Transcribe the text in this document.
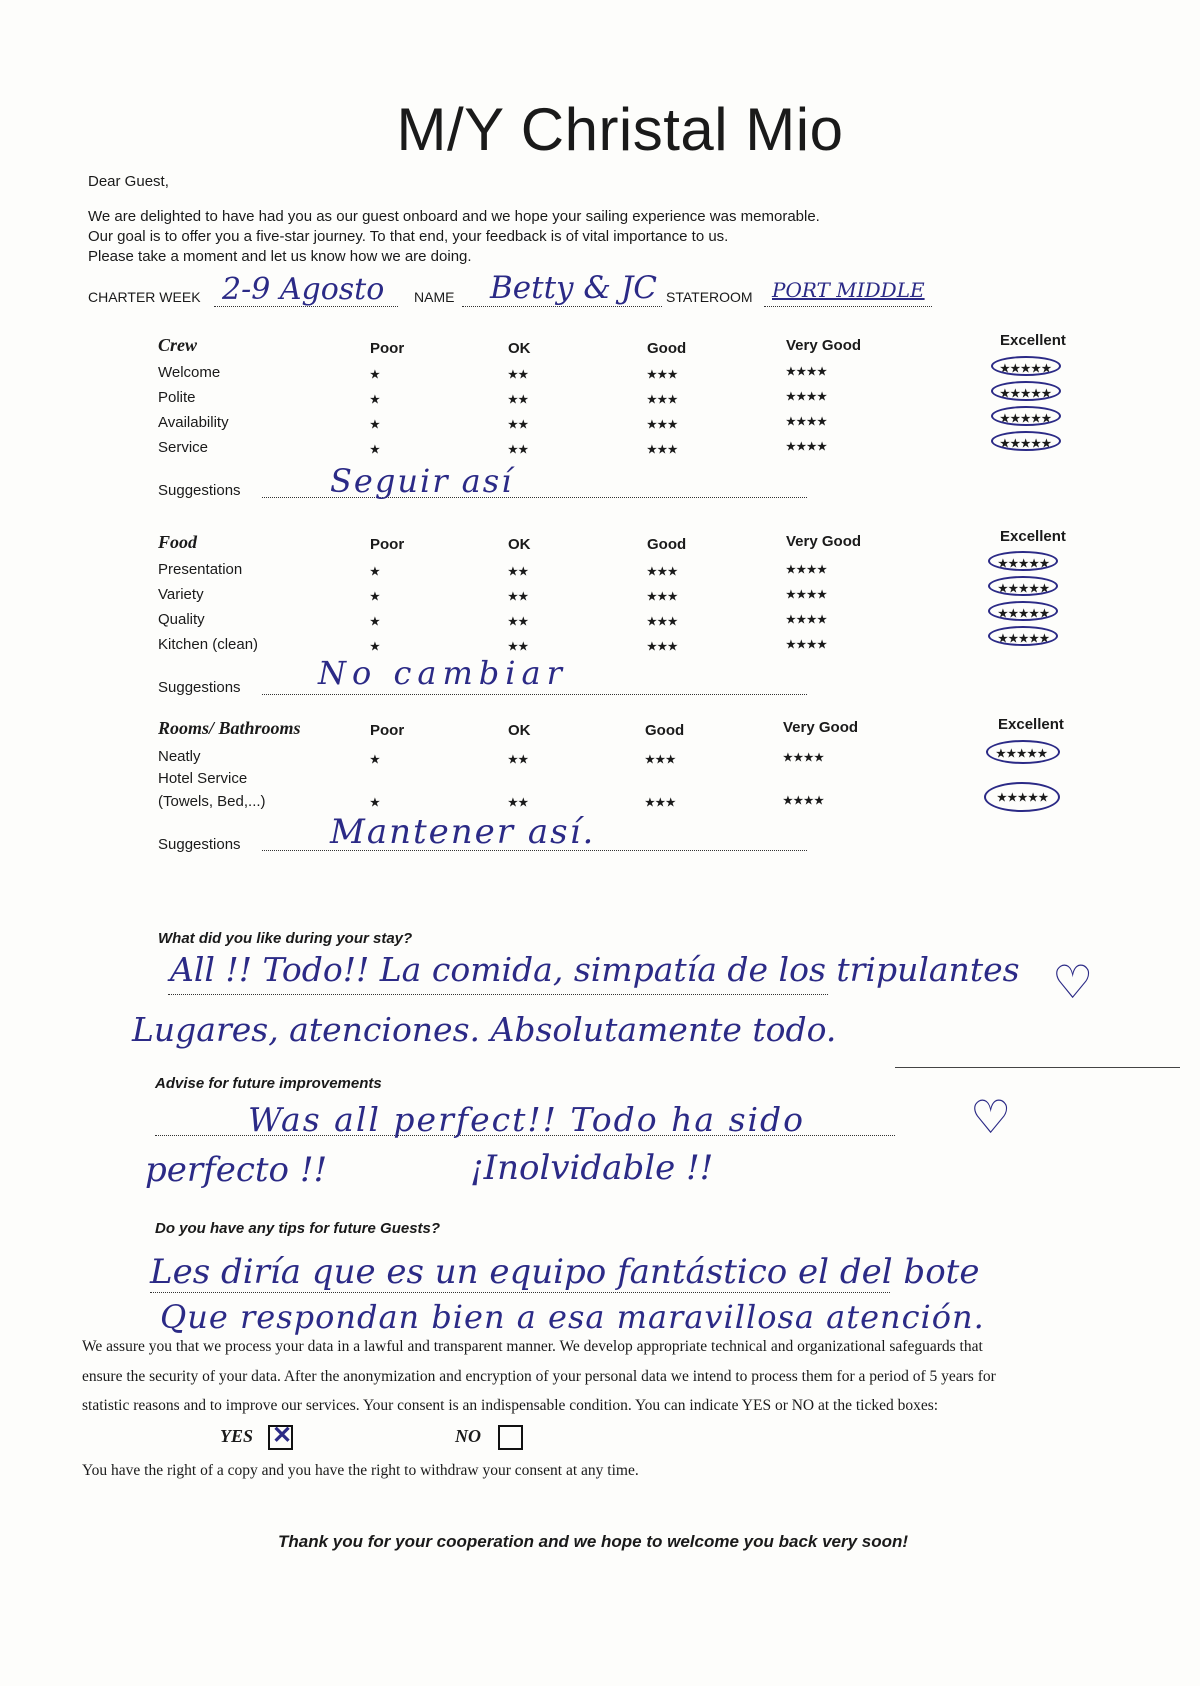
M/Y Christal Mio
Dear Guest,
We are delighted to have had you as our guest onboard and we hope your sailing experience was memorable.
Our goal is to offer you a five-star journey. To that end, your feedback is of vital importance to us.
Please take a moment and let us know how we are doing.
CHARTER WEEK 2-9 Agosto NAME Betty & JC STATEROOM PORT MIDDLE
Crew	Poor	OK	Good	Very Good	Excellent
Welcome	★	★★	★★★	★★★★	★★★★★
Polite	★	★★	★★★	★★★★	★★★★★
Availability	★	★★	★★★	★★★★	★★★★★
Service	★	★★	★★★	★★★★	★★★★★
Suggestions	Seguir así
Food	Poor	OK	Good	Very Good	Excellent
Presentation	★	★★	★★★	★★★★	★★★★★
Variety	★	★★	★★★	★★★★	★★★★★
Quality	★	★★	★★★	★★★★	★★★★★
Kitchen (clean)	★	★★	★★★	★★★★	★★★★★
Suggestions No cambiar
Rooms/ Bathrooms	Poor	OK	Good	Very Good	Excellent
Neatly	★	★★	★★★	★★★★	★★★★★
Hotel Service
(Towels, Bed,...)	★	★★	★★★	★★★★	★★★★★
Suggestions	Mantener así.
What did you like during your stay?
All !! Todo!! La comida, simpatía de los tripulantes
Lugares, atenciones. Absolutamente todo.
♡
Advise for future improvements
Was all perfect!! Todo ha sido
perfecto !!	¡Inolvidable !!
♡
Do you have any tips for future Guests?
Les diría que es un equipo fantástico el del bote
Que respondan bien a esa maravillosa atención.
We assure you that we process your data in a lawful and transparent manner. We develop appropriate technical and organizational safeguards that
ensure the security of your data. After the anonymization and encryption of your personal data we intend to process them for a period of 5 years for
statistic reasons and to improve our services. Your consent is an indispensable condition. You can indicate YES or NO at the ticked boxes:
YES ✕	NO
You have the right of a copy and you have the right to withdraw your consent at any time.
Thank you for your cooperation and we hope to welcome you back very soon!
